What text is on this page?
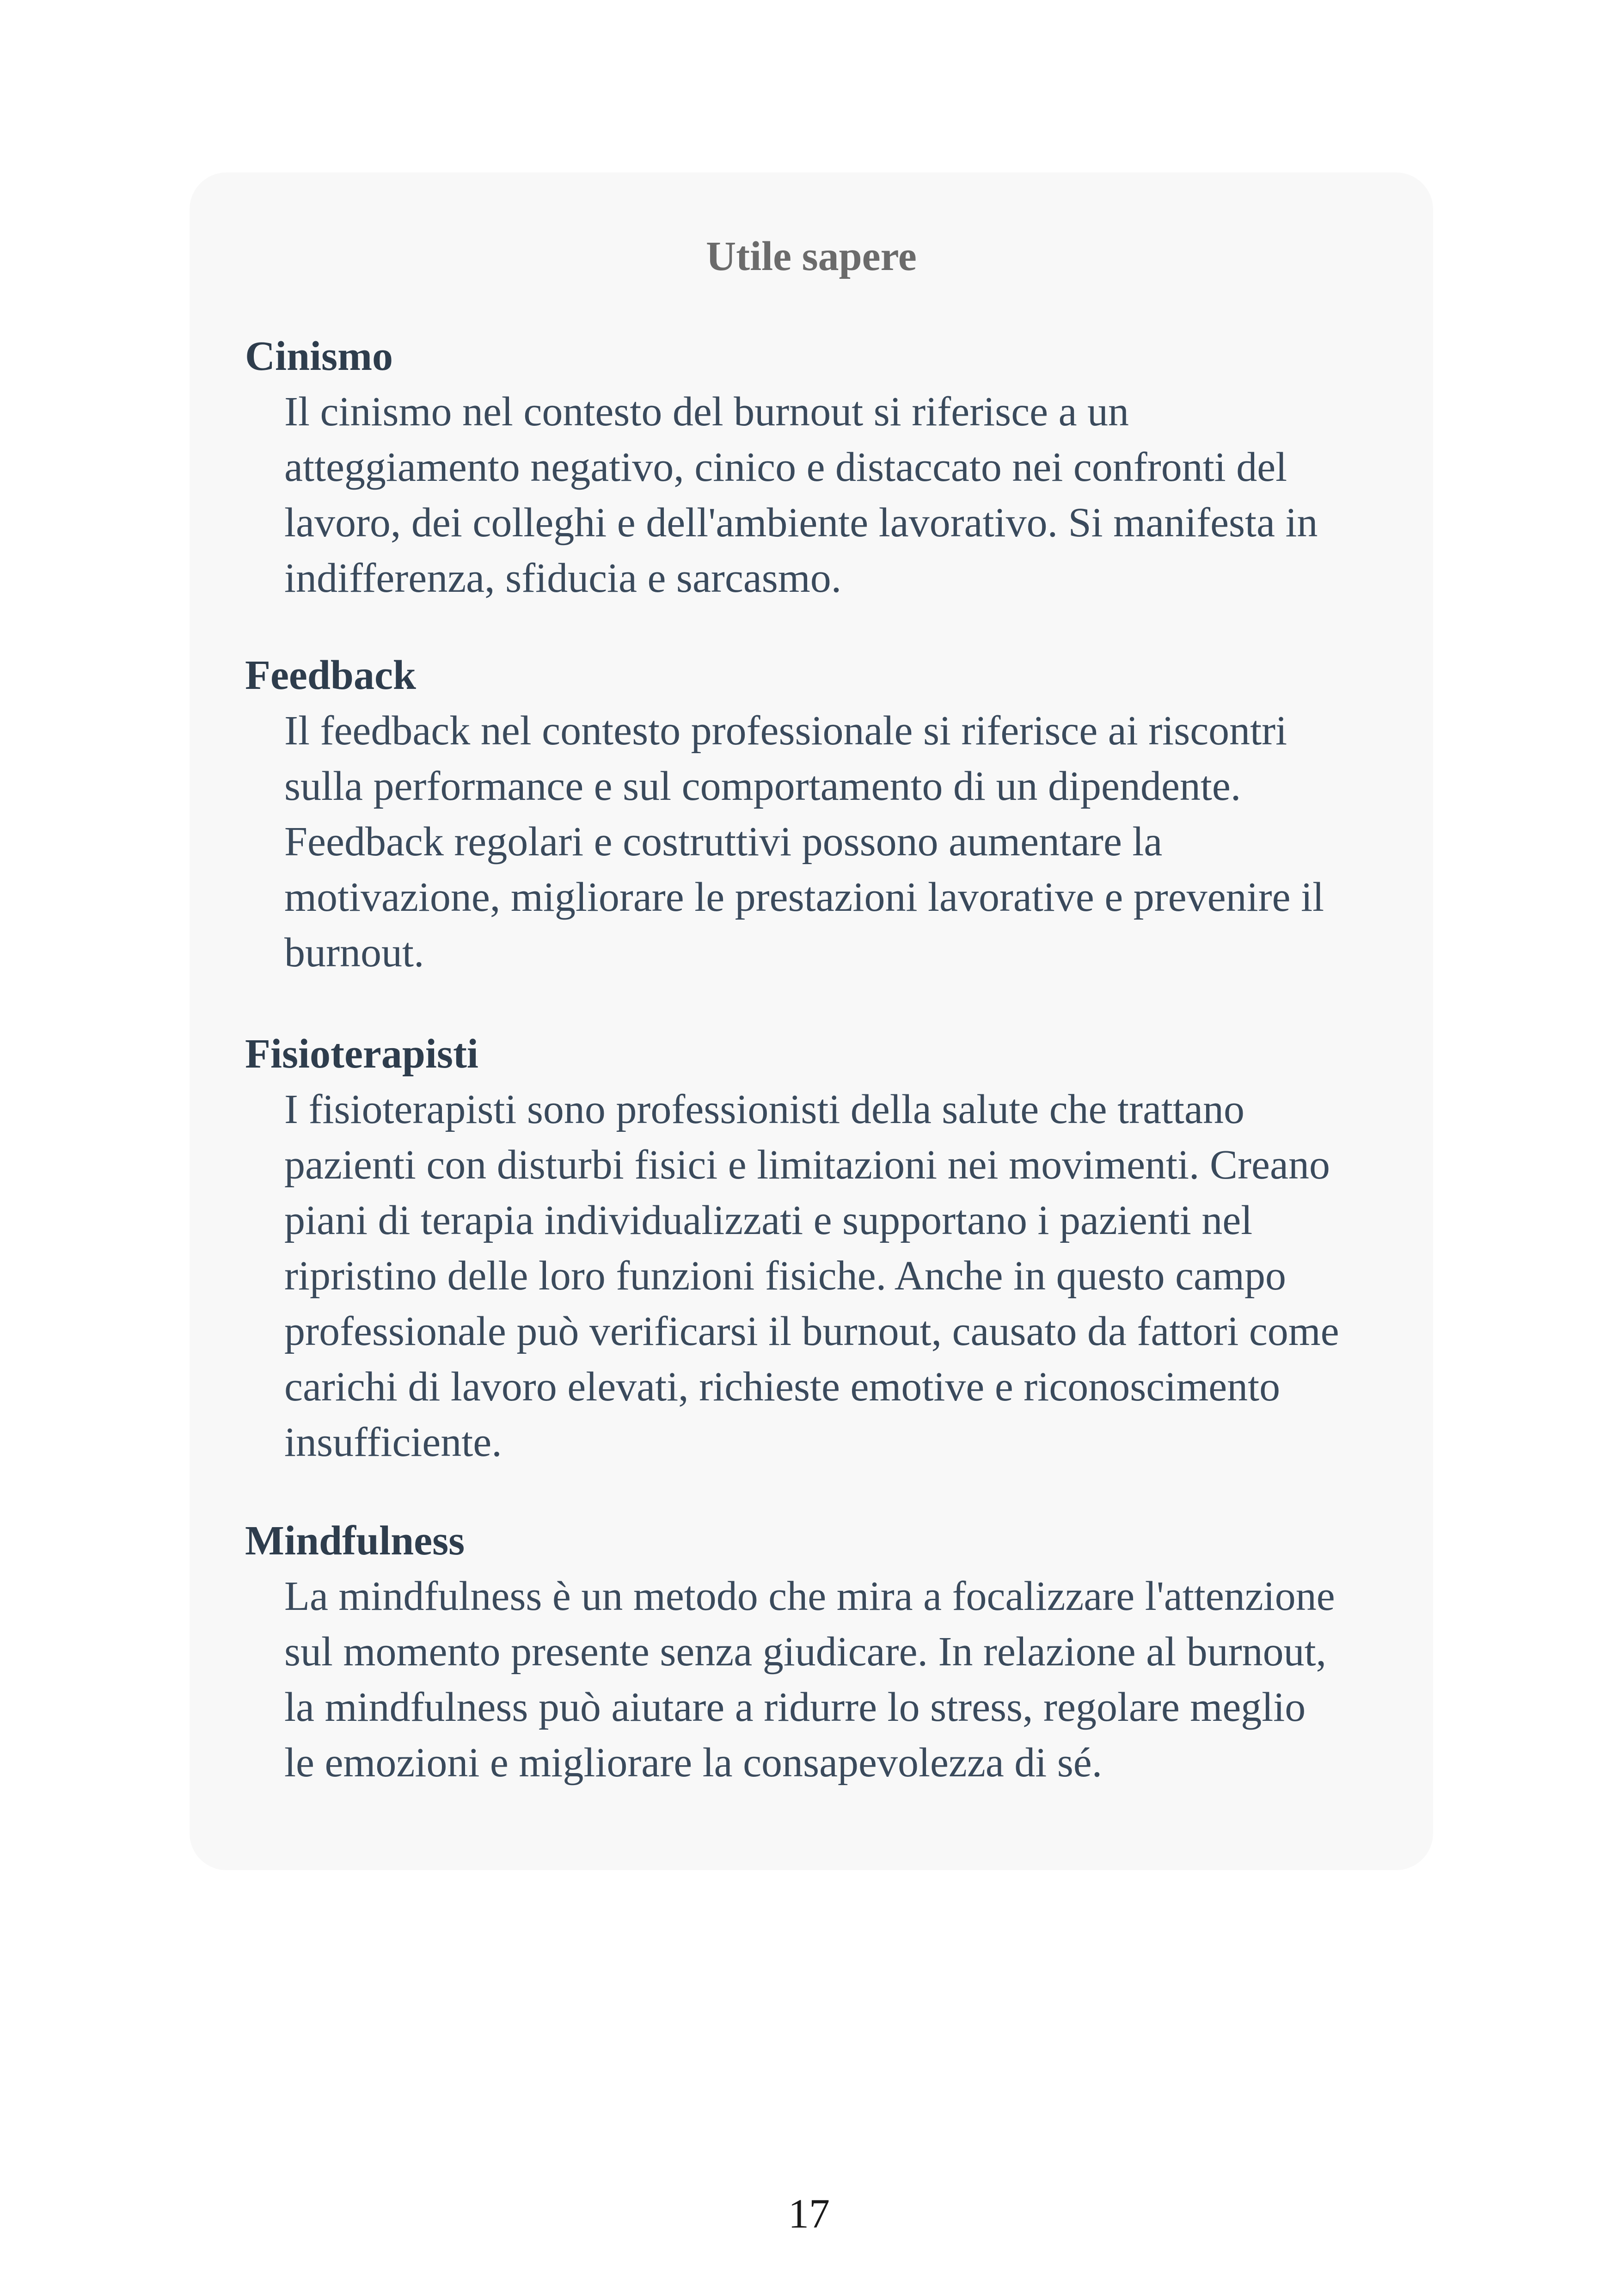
Utile sapere
Cinismo

Il cinismo nel contesto del burnout si riferisce a un
atteggiamento negativo, cinico e distaccato nei confronti del
lavoro, dei colleghi e dell'ambiente lavorativo. Si manifesta in
indifferenza, sfiducia e sarcasmo.

Feedback

Il feedback nel contesto professionale si riferisce ai riscontri
sulla performance e sul comportamento di un dipendente.
Feedback regolari e costruttivi possono aumentare la
motivazione, migliorare le prestazioni lavorative e prevenire il
burnout.

Fisioterapisti

I fisioterapisti sono professionisti della salute che trattano
pazienti con disturbi fisici e limitazioni nei movimenti. Creano
piani di terapia individualizzati e supportano i pazienti nel
ripristino delle loro funzioni fisiche. Anche in questo campo
professionale può verificarsi il burnout, causato da fattori come
carichi di lavoro elevati, richieste emotive e riconoscimento
insufficiente.

Mindfulness

La mindfulness è un metodo che mira a focalizzare l'attenzione
sul momento presente senza giudicare. In relazione al burnout,
la mindfulness può aiutare a ridurre lo stress, regolare meglio
le emozioni e migliorare la consapevolezza di sé.

17
